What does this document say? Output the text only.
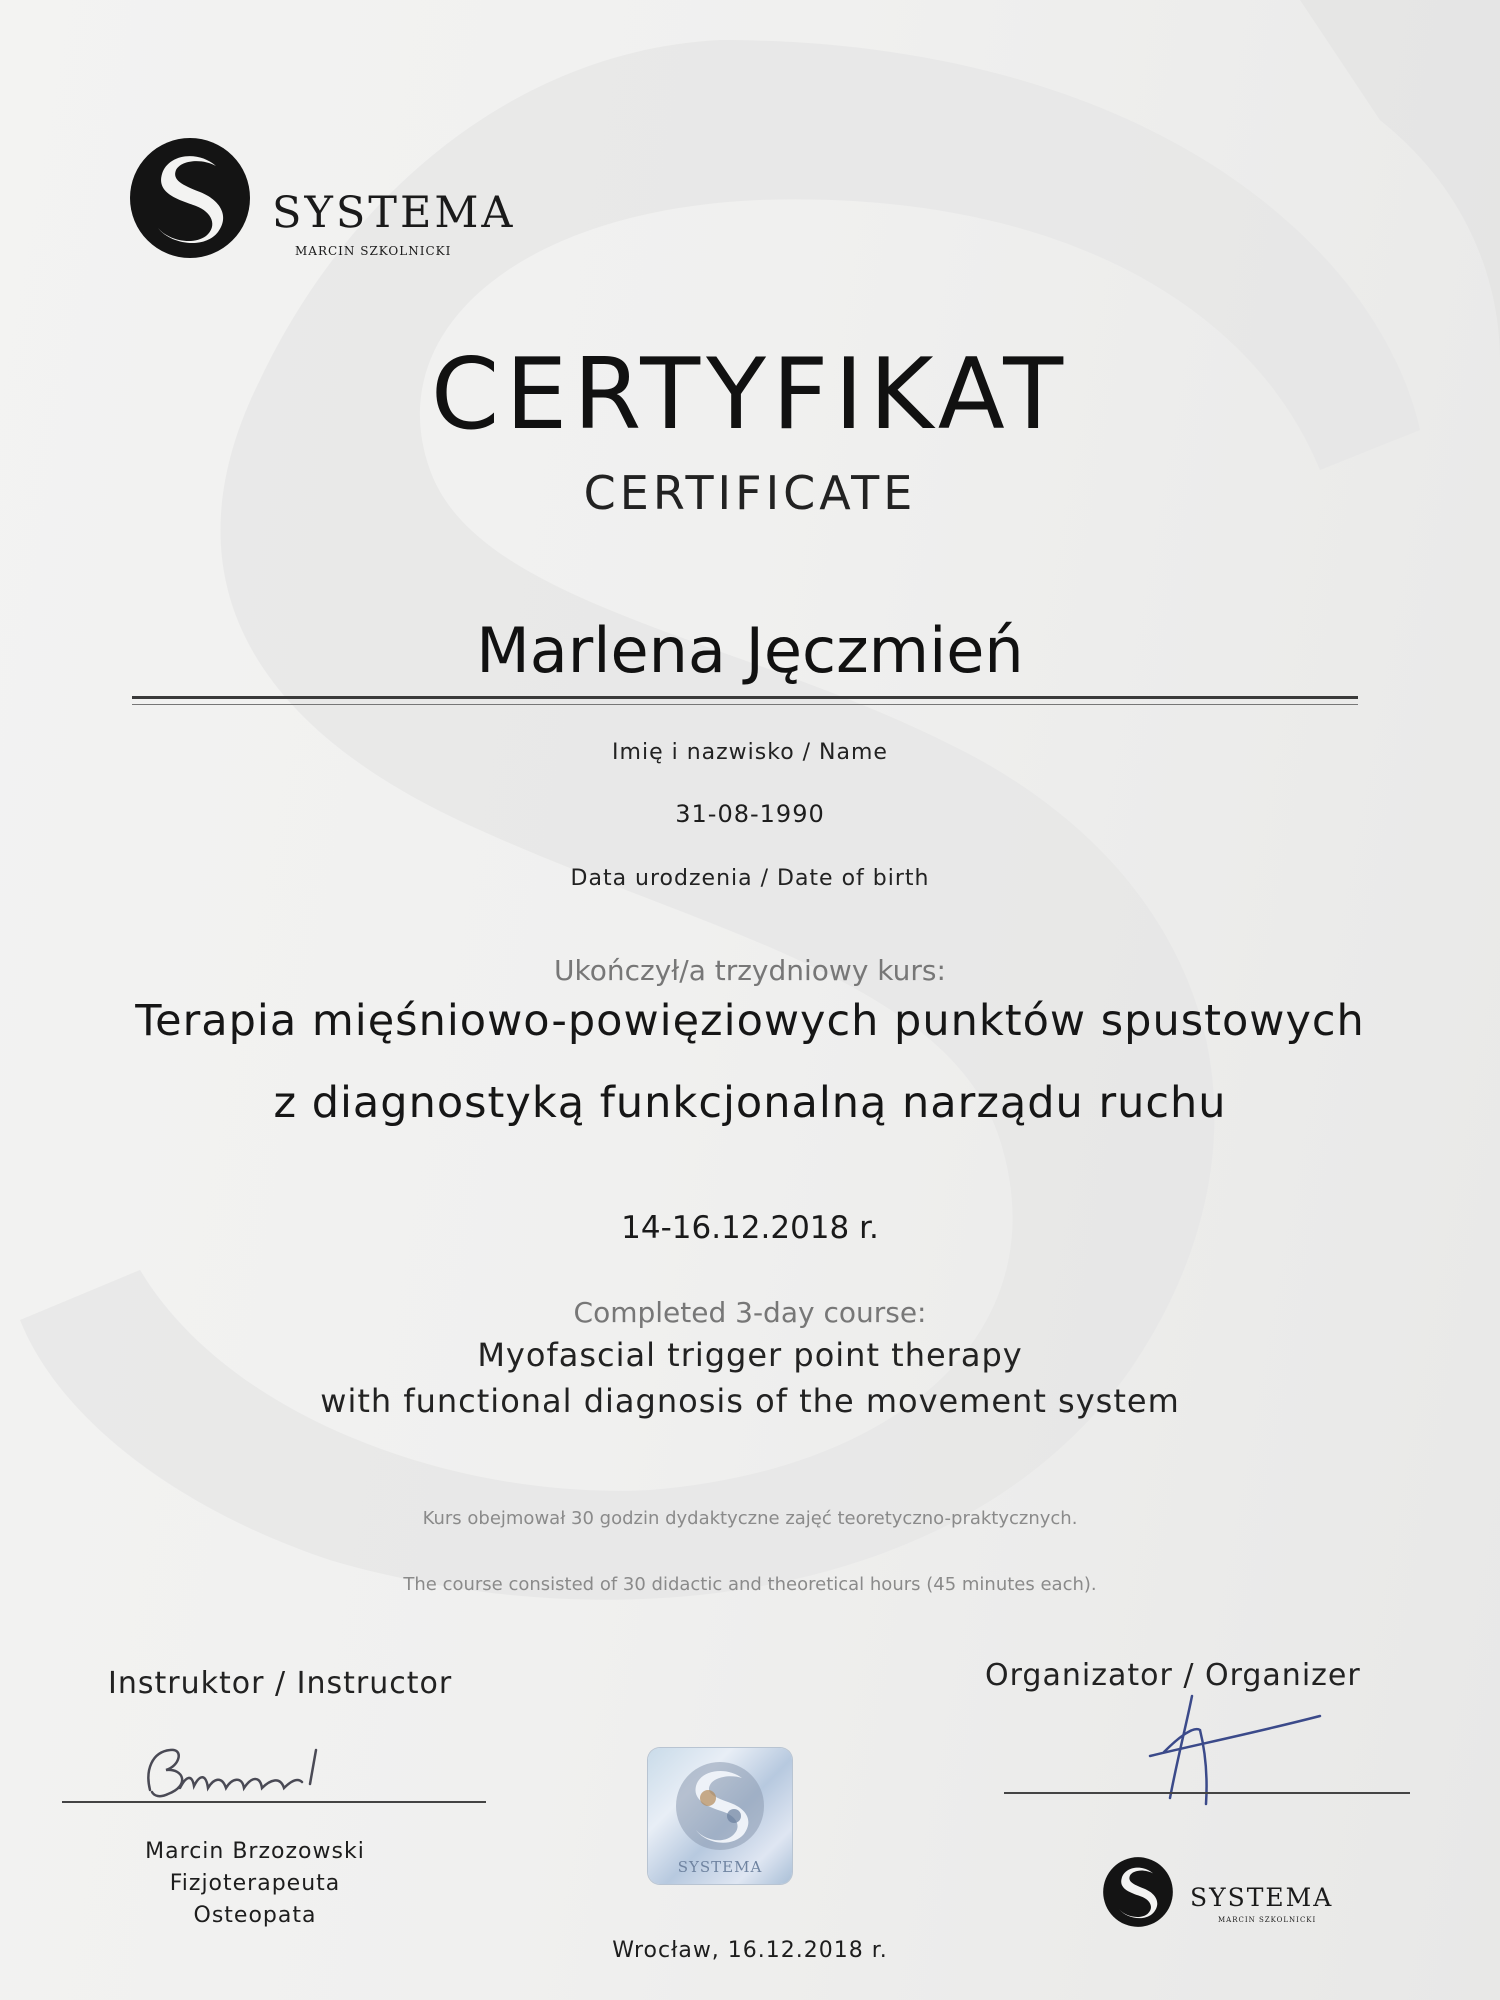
SYSTEMA
MARCIN SZKOLNICKI
CERTYFIKAT
CERTIFICATE
Marlena Jęczmień
Imię i nazwisko / Name
31-08-1990
Data urodzenia / Date of birth
Ukończył/a trzydniowy kurs:
Terapia mięśniowo-powięziowych punktów spustowych
z diagnostyką funkcjonalną narządu ruchu
14-16.12.2018 r.
Completed 3-day course:
Myofascial trigger point therapy
with functional diagnosis of the movement system
Kurs obejmował 30 godzin dydaktyczne zajęć teoretyczno-praktycznych.
The course consisted of 30 didactic and theoretical hours (45 minutes each).
Instruktor / Instructor
Marcin Brzozowski
Fizjoterapeuta
Osteopata
Organizator / Organizer
SYSTEMA
Wrocław, 16.12.2018 r.
SYSTEMA
MARCIN SZKOLNICKI
